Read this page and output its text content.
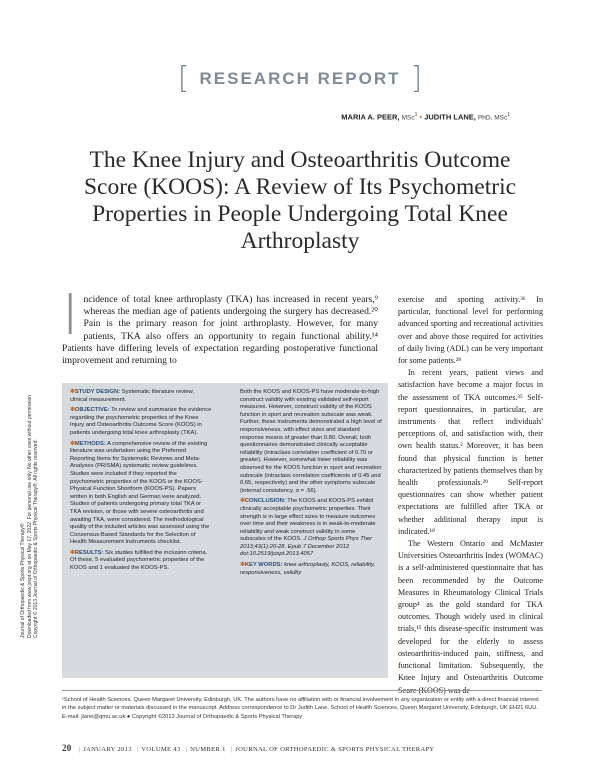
[ RESEARCH REPORT ]
MARIA A. PEER, MSc$^1$ • JUDITH LANE, PhD, MSc$^1$
The Knee Injury and Osteoarthritis Outcome Score (KOOS): A Review of Its Psychometric Properties in People Undergoing Total Knee Arthroplasty
Journal of Orthopaedic & Sports Physical Therapy® Downloaded from www.jospt.org at on May 17, 2022. For personal use only. No other uses without permission. Copyright © 2013 Journal of Orthopaedic & Sports Physical Therapy®. All rights reserved.
Incidence of total knee arthroplasty (TKA) has increased in recent years,⁹ whereas the median age of patients undergoing the surgery has decreased.²⁰ Pain is the primary reason for joint arthroplasty. However, for many patients, TKA also offers an opportunity to regain functional ability.¹⁴ Patients have differing levels of expectation regarding postoperative functional improvement and returning to

✱STUDY DESIGN: Systematic literature review, clinical measurement.

✱OBJECTIVE: To review and summarize the evidence regarding the psychometric properties of the Knee Injury and Osteoarthritis Outcome Score (KOOS) in patients undergoing total knee arthroplasty (TKA).

✱METHODS: A comprehensive review of the existing literature was undertaken using the Preferred Reporting Items for Systematic Reviews and Meta-Analyses (PRISMA) systematic review guidelines. Studies were included if they reported the psychometric properties of the KOOS or the KOOS-Physical Function Shortform (KOOS-PS). Papers written in both English and German were analyzed. Studies of patients undergoing primary total TKA or TKA revision, or those with severe osteoarthritis and awaiting TKA, were considered. The methodological quality of the included articles was assessed using the Consensus-Based Standards for the Selection of Health Measurement Instruments checklist.

✱RESULTS: Six studies fulfilled the inclusion criteria. Of these, 5 evaluated psychometric properties of the KOOS and 1 evaluated the KOOS-PS.

Both the KOOS and KOOS-PS have moderate-to-high construct validity with existing validated self-report measures. However, construct validity of the KOOS function in sport and recreation subscale was weak. Further, these instruments demonstrated a high level of responsiveness, with effect sizes and standard response means of greater than 0.80. Overall, both questionnaires demonstrated clinically acceptable reliability (intraclass correlation coefficient of 0.70 or greater). However, somewhat lower reliability was observed for the KOOS function in sport and recreation subscale (intraclass correlation coefficients of 0.45 and 0.65, respectively) and the other symptoms subscale (internal consistency, α = .56).

✱CONCLUSION: The KOOS and KOOS-PS exhibit clinically acceptable psychometric properties. Their strength is in large effect sizes to measure outcomes over time and their weakness is in weak-to-moderate reliability and weak construct validity in some subscales of the KOOS. J Orthop Sports Phys Ther 2013;43(1):20-28. Epub 7 December 2012. doi:10.2519/jospt.2013.4057

✱KEY WORDS: knee arthroplasty, KOOS, reliability, responsiveness, validity

exercise and sporting activity.³⁶ In particular, functional level for performing advanced sporting and recreational activities over and above those required for activities of daily living (ADL) can be very important for some patients.²⁸

In recent years, patient views and satisfaction have become a major focus in the assessment of TKA outcomes.³⁵ Self-report questionnaires, in particular, are instruments that reflect individuals' perceptions of, and satisfaction with, their own health status.² Moreover, it has been found that physical function is better characterized by patients themselves than by health professionals.²⁹ Self-report questionnaires can show whether patient expectations are fulfilled after TKA or whether additional therapy input is indicated.¹⁸

The Western Ontario and McMaster Universities Osteoarthritis Index (WOMAC) is a self-administered questionnaire that has been recommended by the Outcome Measures in Rheumatology Clinical Trials group⁴ as the gold standard for TKA outcomes. Though widely used in clinical trials,¹⁵ this disease-specific instrument was developed for the elderly to assess osteoarthritis-induced pain, stiffness, and functional limitation. Subsequently, the Knee Injury and Osteoarthritis Outcome Score (KOOS) was de-

¹School of Health Sciences, Queen Margaret University, Edinburgh, UK. The authors have no affiliation with or financial involvement in any organization or entity with a direct financial interest in the subject matter or materials discussed in the manuscript. Address correspondence to Dr Judith Lane, School of Health Sciences, Queen Margaret University, Edinburgh, UK EH21 6UU. E-mail: jlane@qmu.ac.uk ● Copyright ©2013 Journal of Orthopaedic & Sports Physical Therapy
20 | JANUARY 2013 | VOLUME 43 | NUMBER 1 | JOURNAL OF ORTHOPAEDIC & SPORTS PHYSICAL THERAPY
